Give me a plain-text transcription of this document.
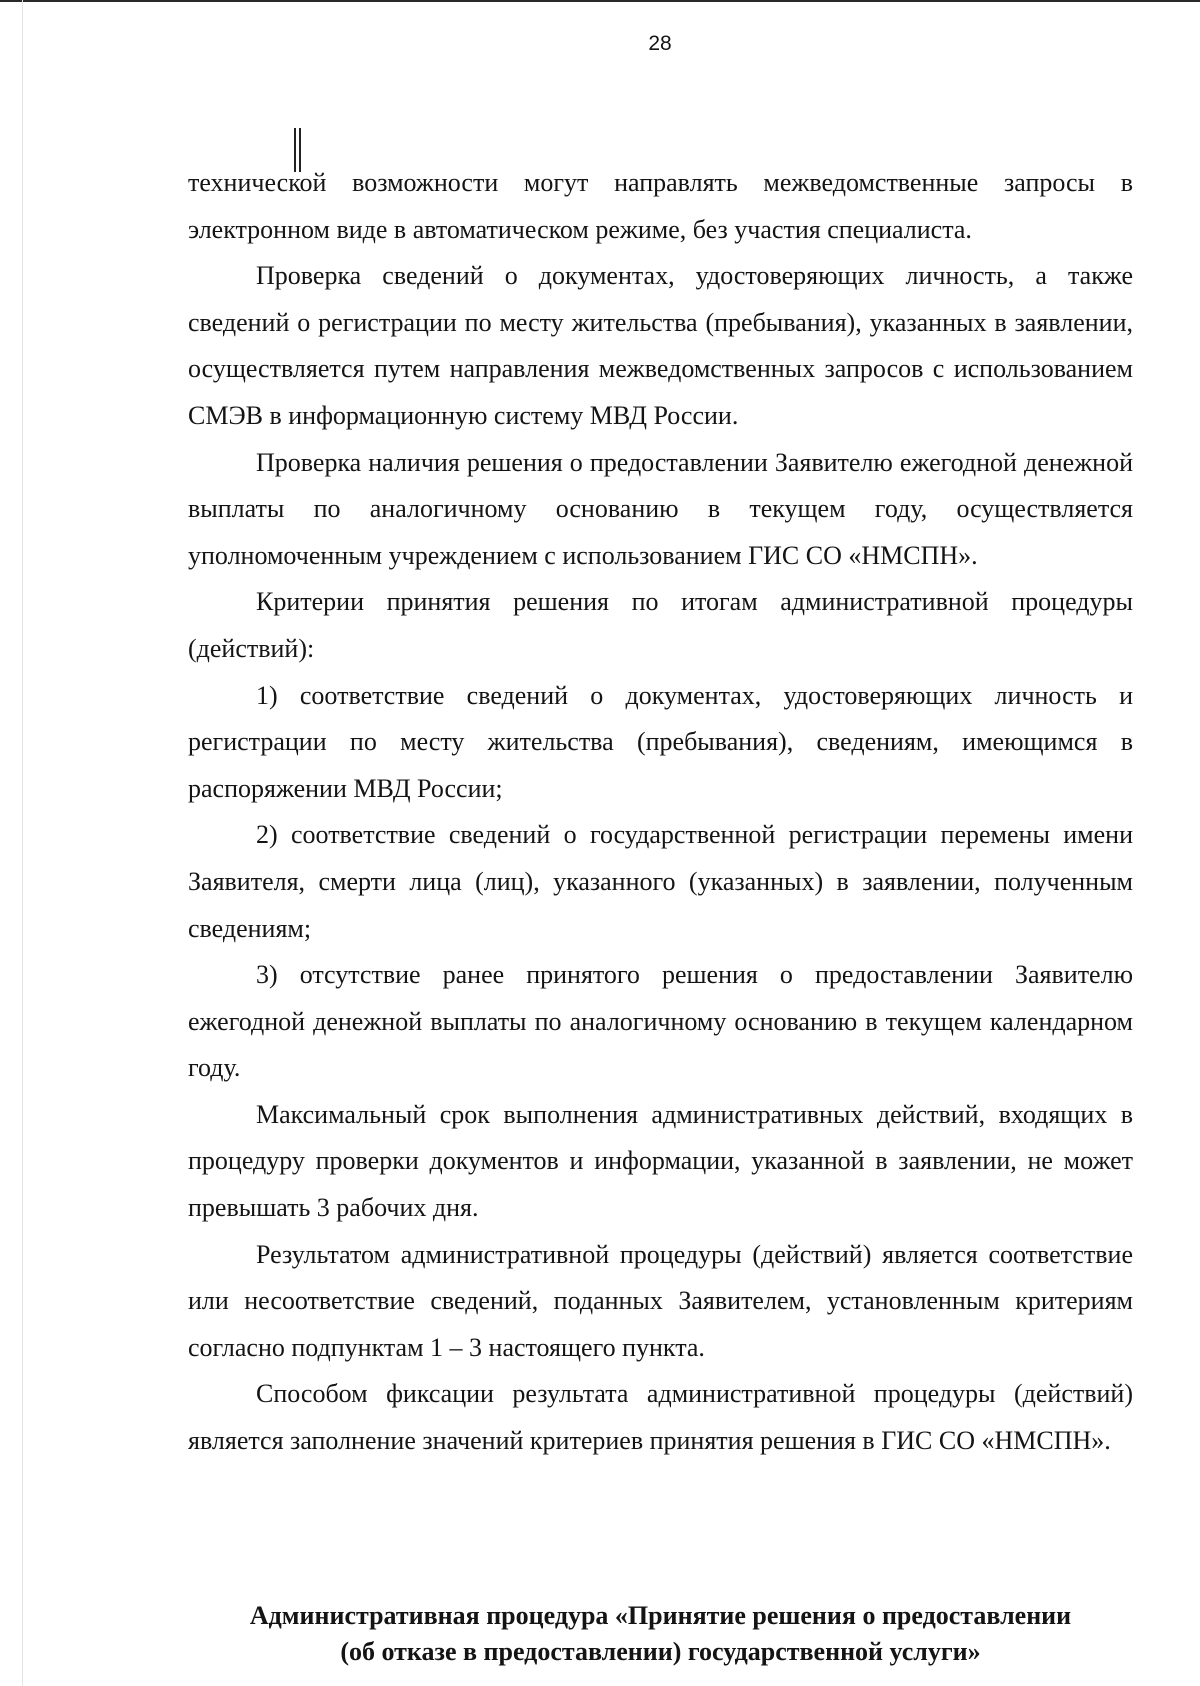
28

технической возможности могут направлять межведомственные запросы в электронном виде в автоматическом режиме, без участия специалиста.

Проверка сведений о документах, удостоверяющих личность, а также сведений о регистрации по месту жительства (пребывания), указанных в заявлении, осуществляется путем направления межведомственных запросов с использованием СМЭВ в информационную систему МВД России.

Проверка наличия решения о предоставлении Заявителю ежегодной денежной выплаты по аналогичному основанию в текущем году, осуществляется уполномоченным учреждением с использованием ГИС СО «НМСПН».

Критерии принятия решения по итогам административной процедуры (действий):

1) соответствие сведений о документах, удостоверяющих личность и регистрации по месту жительства (пребывания), сведениям, имеющимся в распоряжении МВД России;

2) соответствие сведений о государственной регистрации перемены имени Заявителя, смерти лица (лиц), указанного (указанных) в заявлении, полученным сведениям;

3) отсутствие ранее принятого решения о предоставлении Заявителю ежегодной денежной выплаты по аналогичному основанию в текущем календарном году.

Максимальный срок выполнения административных действий, входящих в процедуру проверки документов и информации, указанной в заявлении, не может превышать 3 рабочих дня.

Результатом административной процедуры (действий) является соответствие или несоответствие сведений, поданных Заявителем, установленным критериям согласно подпунктам 1 – 3 настоящего пункта.

Способом фиксации результата административной процедуры (действий) является заполнение значений критериев принятия решения в ГИС СО «НМСПН».

Административная процедура «Принятие решения о предоставлении
(об отказе в предоставлении) государственной услуги»
